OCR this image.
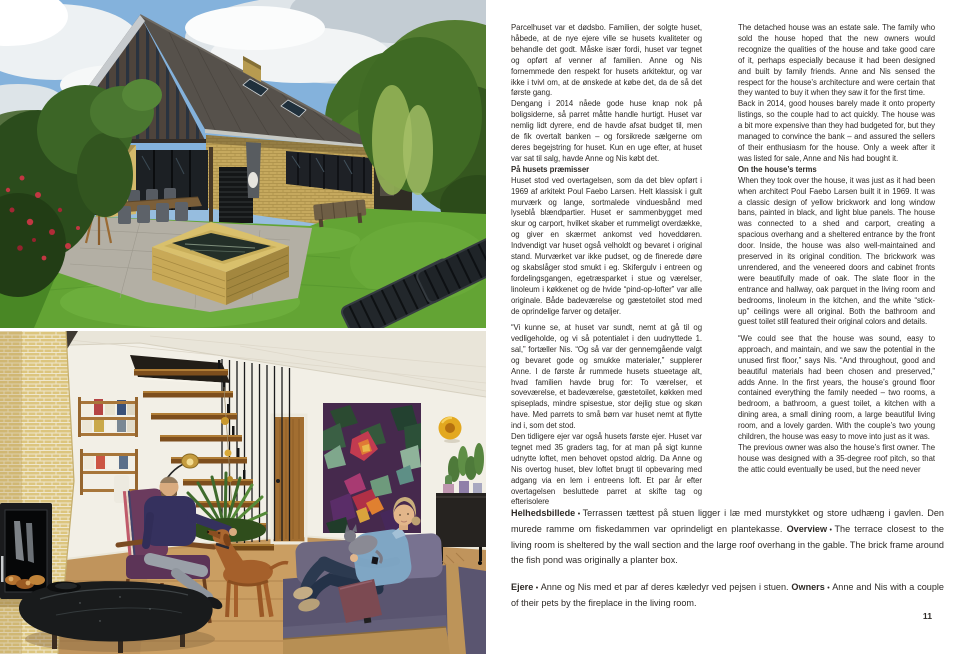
Parcelhuset var et dødsbo. Familien, der solgte huset, håbede, at de nye ejere ville se husets kvaliteter og behandle det godt. Måske især fordi, huset var tegnet og opført af venner af familien. Anne og Nis fornemmede den respekt for husets arkitektur, og var ikke i tvivl om, at de ønskede at købe det, da de så det første gang.

Dengang i 2014 nåede gode huse knap nok på boligsiderne, så parret måtte handle hurtigt. Huset var nemlig lidt dyrere, end de havde afsat budget til, men de fik overtalt banken – og forsikrede sælgerne om deres begejstring for huset. Kun en uge efter, at huset var sat til salg, havde Anne og Nis købt det.

På husets præmisser

Huset stod ved overtagelsen, som da det blev opført i 1969 af arkitekt Poul Faebo Larsen. Helt klassisk i gult murværk og lange, sortmalede vinduesbånd med lyseblå blændpartier. Huset er sammenbygget med skur og carport, hvilket skaber et rummeligt overdække, og giver en skærmet ankomst ved hoveddøren. Indvendigt var huset også velholdt og bevaret i original stand. Murværket var ikke pudset, og de finerede døre og skabslåger stod smukt i eg. Skifergulv i entreen og fordelingsgangen, egetræsparket i stue og værelser, linoleum i køkkenet og de hvide “pind-op-lofter” var alle originale. Både badeværelse og gæstetoilet stod med de oprindelige farver og detaljer.

“Vi kunne se, at huset var sundt, nemt at gå til og vedligeholde, og vi så potentialet i den uudnyttede 1. sal,” fortæller Nis. “Og så var der gennemgående valgt og bevaret gode og smukke materialer,” supplerer Anne. I de første år rummede husets stueetage alt, hvad familien havde brug for: To værelser, et soveværelse, et badeværelse, gæstetoilet, køkken med spiseplads, mindre spisestue, stor dejlig stue og skøn have. Med parrets to små børn var huset nemt at flytte ind i, som det stod.

Den tidligere ejer var også husets første ejer. Huset var tegnet med 35 graders tag, for at man på sigt kunne udnytte loftet, men behovet opstod aldrig. Da Anne og Nis overtog huset, blev loftet brugt til opbevaring med adgang via en lem i entreens loft. Et par år efter overtagelsen besluttede parret at skifte tag og efterisolere

The detached house was an estate sale. The family who sold the house hoped that the new owners would recognize the qualities of the house and take good care of it, perhaps especially because it had been designed and built by family friends. Anne and Nis sensed the respect for the house’s architecture and were certain that they wanted to buy it when they saw it for the first time.

Back in 2014, good houses barely made it onto property listings, so the couple had to act quickly. The house was a bit more expensive than they had budgeted for, but they managed to convince the bank – and assured the sellers of their enthusiasm for the house. Only a week after it was listed for sale, Anne and Nis had bought it.

On the house’s terms

When they took over the house, it was just as it had been when architect Poul Faebo Larsen built it in 1969. It was a classic design of yellow brickwork and long window bans, painted in black, and light blue panels. The house was connected to a shed and carport, creating a spacious overhang and a sheltered entrance by the front door. Inside, the house was also well-maintained and preserved in its original condition. The brickwork was unrendered, and the veneered doors and cabinet fronts were beautifully made of oak. The slate floor in the entrance and hallway, oak parquet in the living room and bedrooms, linoleum in the kitchen, and the white “stick-up” ceilings were all original. Both the bathroom and guest toilet still featured their original colors and details.

“We could see that the house was sound, easy to approach, and maintain, and we saw the potential in the unused first floor,” says Nis. “And throughout, good and beautiful materials had been chosen and preserved,” adds Anne. In the first years, the house’s ground floor contained everything the family needed – two rooms, a bedroom, a bathroom, a guest toilet, a kitchen with a dining area, a small dining room, a large beautiful living room, and a lovely garden. With the couple’s two young children, the house was easy to move into just as it was.

The previous owner was also the house’s first owner. The house was designed with a 35-degree roof pitch, so that the attic could eventually be used, but the need never

Helhedsbillede • Terrassen tættest på stuen ligger i læ med murstykket og store udhæng i gavlen. Den murede ramme om fiskedammen var oprindeligt en plantekasse. Overview • The terrace closest to the living room is sheltered by the wall section and the large roof overhang in the gable. The brick frame around the fish pond was originally a planter box.

Ejere • Anne og Nis med et par af deres kæledyr ved pejsen i stuen. Owners • Anne and Nis with a couple of their pets by the fireplace in the living room.

11
